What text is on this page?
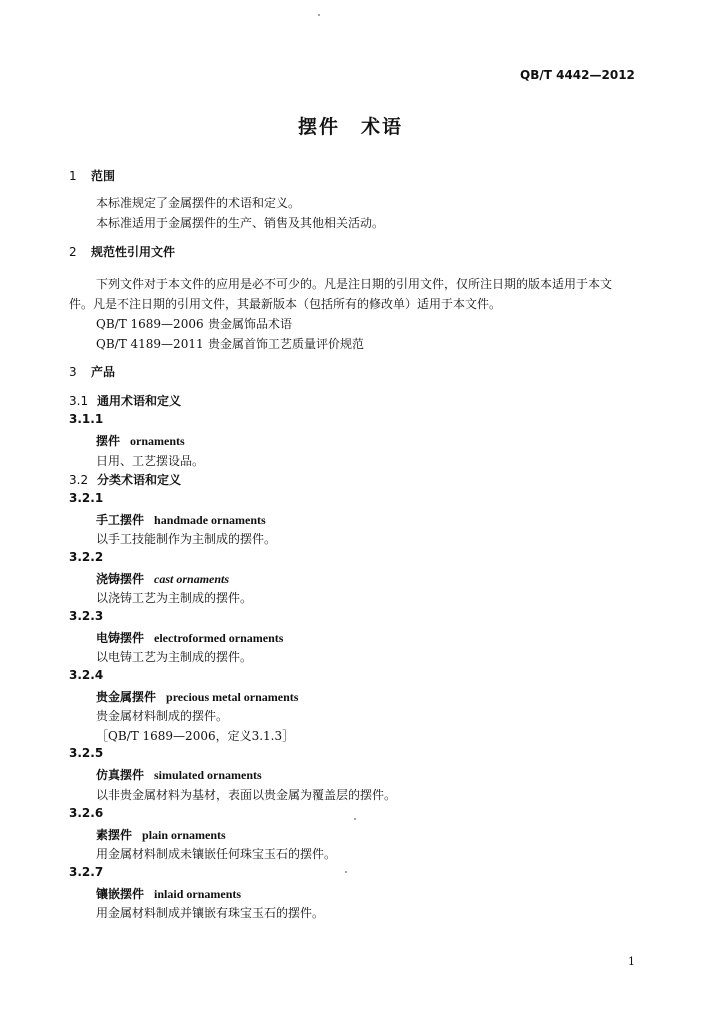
QB/T 4442—2012
摆件　术语
1 范围
本标准规定了金属摆件的术语和定义。
本标准适用于金属摆件的生产、销售及其他相关活动。
2 规范性引用文件
下列文件对于本文件的应用是必不可少的。凡是注日期的引用文件，仅所注日期的版本适用于本文
件。凡是不注日期的引用文件，其最新版本（包括所有的修改单）适用于本文件。
QB/T 1689—2006 贵金属饰品术语
QB/T 4189—2011 贵金属首饰工艺质量评价规范
3 产品
3.1 通用术语和定义
3.1.1
摆件 ornaments
日用、工艺摆设品。
3.2 分类术语和定义
3.2.1
手工摆件 handmade ornaments
以手工技能制作为主制成的摆件。
3.2.2
浇铸摆件 cast ornaments
以浇铸工艺为主制成的摆件。
3.2.3
电铸摆件 electroformed ornaments
以电铸工艺为主制成的摆件。
3.2.4
贵金属摆件 precious metal ornaments
贵金属材料制成的摆件。
［QB/T 1689—2006，定义3.1.3］
3.2.5
仿真摆件 simulated ornaments
以非贵金属材料为基材，表面以贵金属为覆盖层的摆件。
3.2.6
素摆件 plain ornaments
用金属材料制成未镶嵌任何珠宝玉石的摆件。
3.2.7
镶嵌摆件 inlaid ornaments
用金属材料制成并镶嵌有珠宝玉石的摆件。
1
